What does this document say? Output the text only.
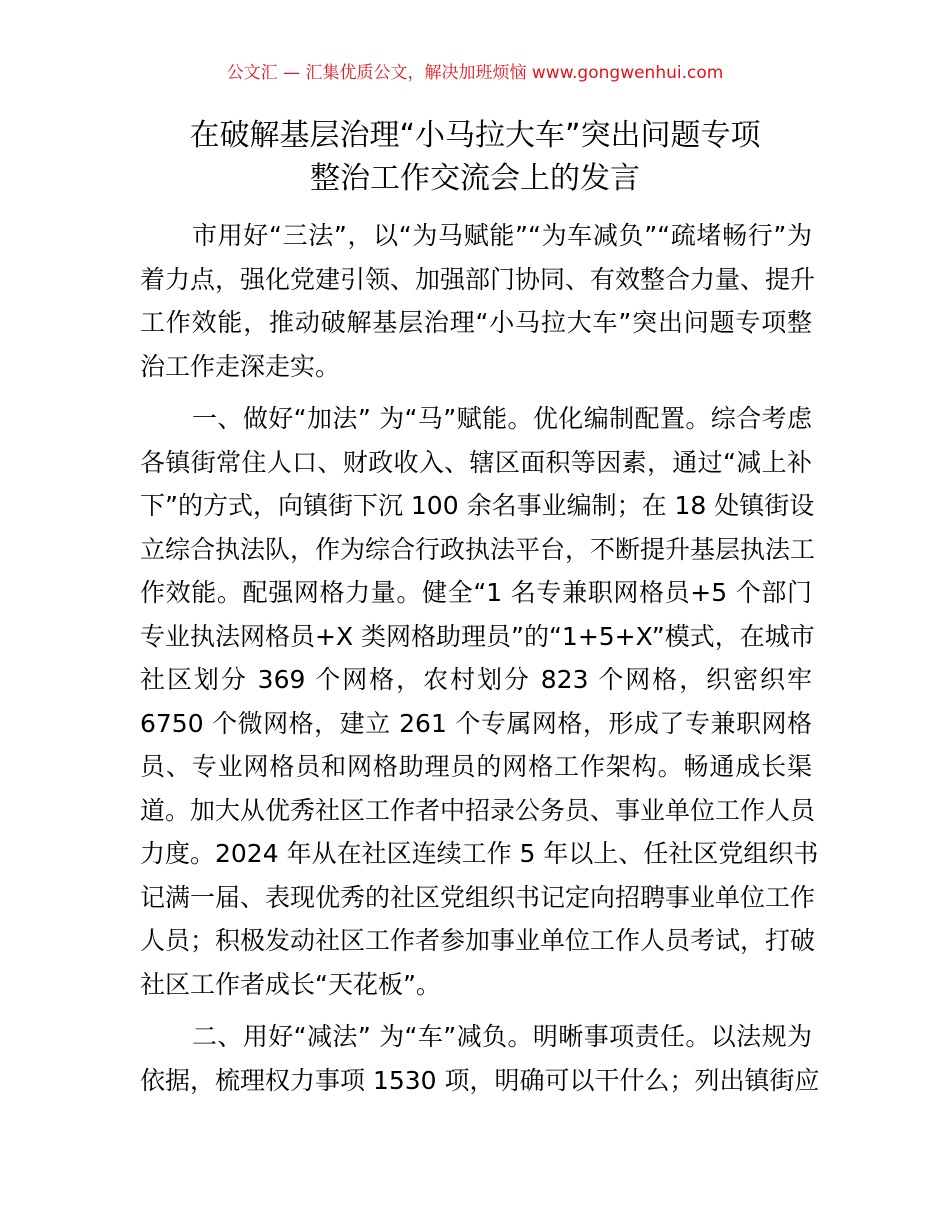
公文汇 — 汇集优质公文，解决加班烦恼 www.gongwenhui.com
在破解基层治理“小马拉大车”突出问题专项
整治工作交流会上的发言
市用好“三法”，以“为马赋能”“为车减负”“疏堵畅行”为
着力点，强化党建引领、加强部门协同、有效整合力量、提升
工作效能，推动破解基层治理“小马拉大车”突出问题专项整
治工作走深走实。
一、做好“加法” 为“马”赋能。优化编制配置。综合考虑
各镇街常住人口、财政收入、辖区面积等因素，通过“减上补
下”的方式，向镇街下沉 100 余名事业编制；在 18 处镇街设
立综合执法队，作为综合行政执法平台，不断提升基层执法工
作效能。配强网格力量。健全“1 名专兼职网格员+5 个部门
专业执法网格员+X 类网格助理员”的“1+5+X”模式，在城市
社区划分 369 个网格，农村划分 823 个网格，织密织牢
6750 个微网格，建立 261 个专属网格，形成了专兼职网格
员、专业网格员和网格助理员的网格工作架构。畅通成长渠
道。加大从优秀社区工作者中招录公务员、事业单位工作人员
力度。2024 年从在社区连续工作 5 年以上、任社区党组织书
记满一届、表现优秀的社区党组织书记定向招聘事业单位工作
人员；积极发动社区工作者参加事业单位工作人员考试，打破
社区工作者成长“天花板”。
二、用好“减法” 为“车”减负。明晰事项责任。以法规为
依据，梳理权力事项 1530 项，明确可以干什么；列出镇街应
